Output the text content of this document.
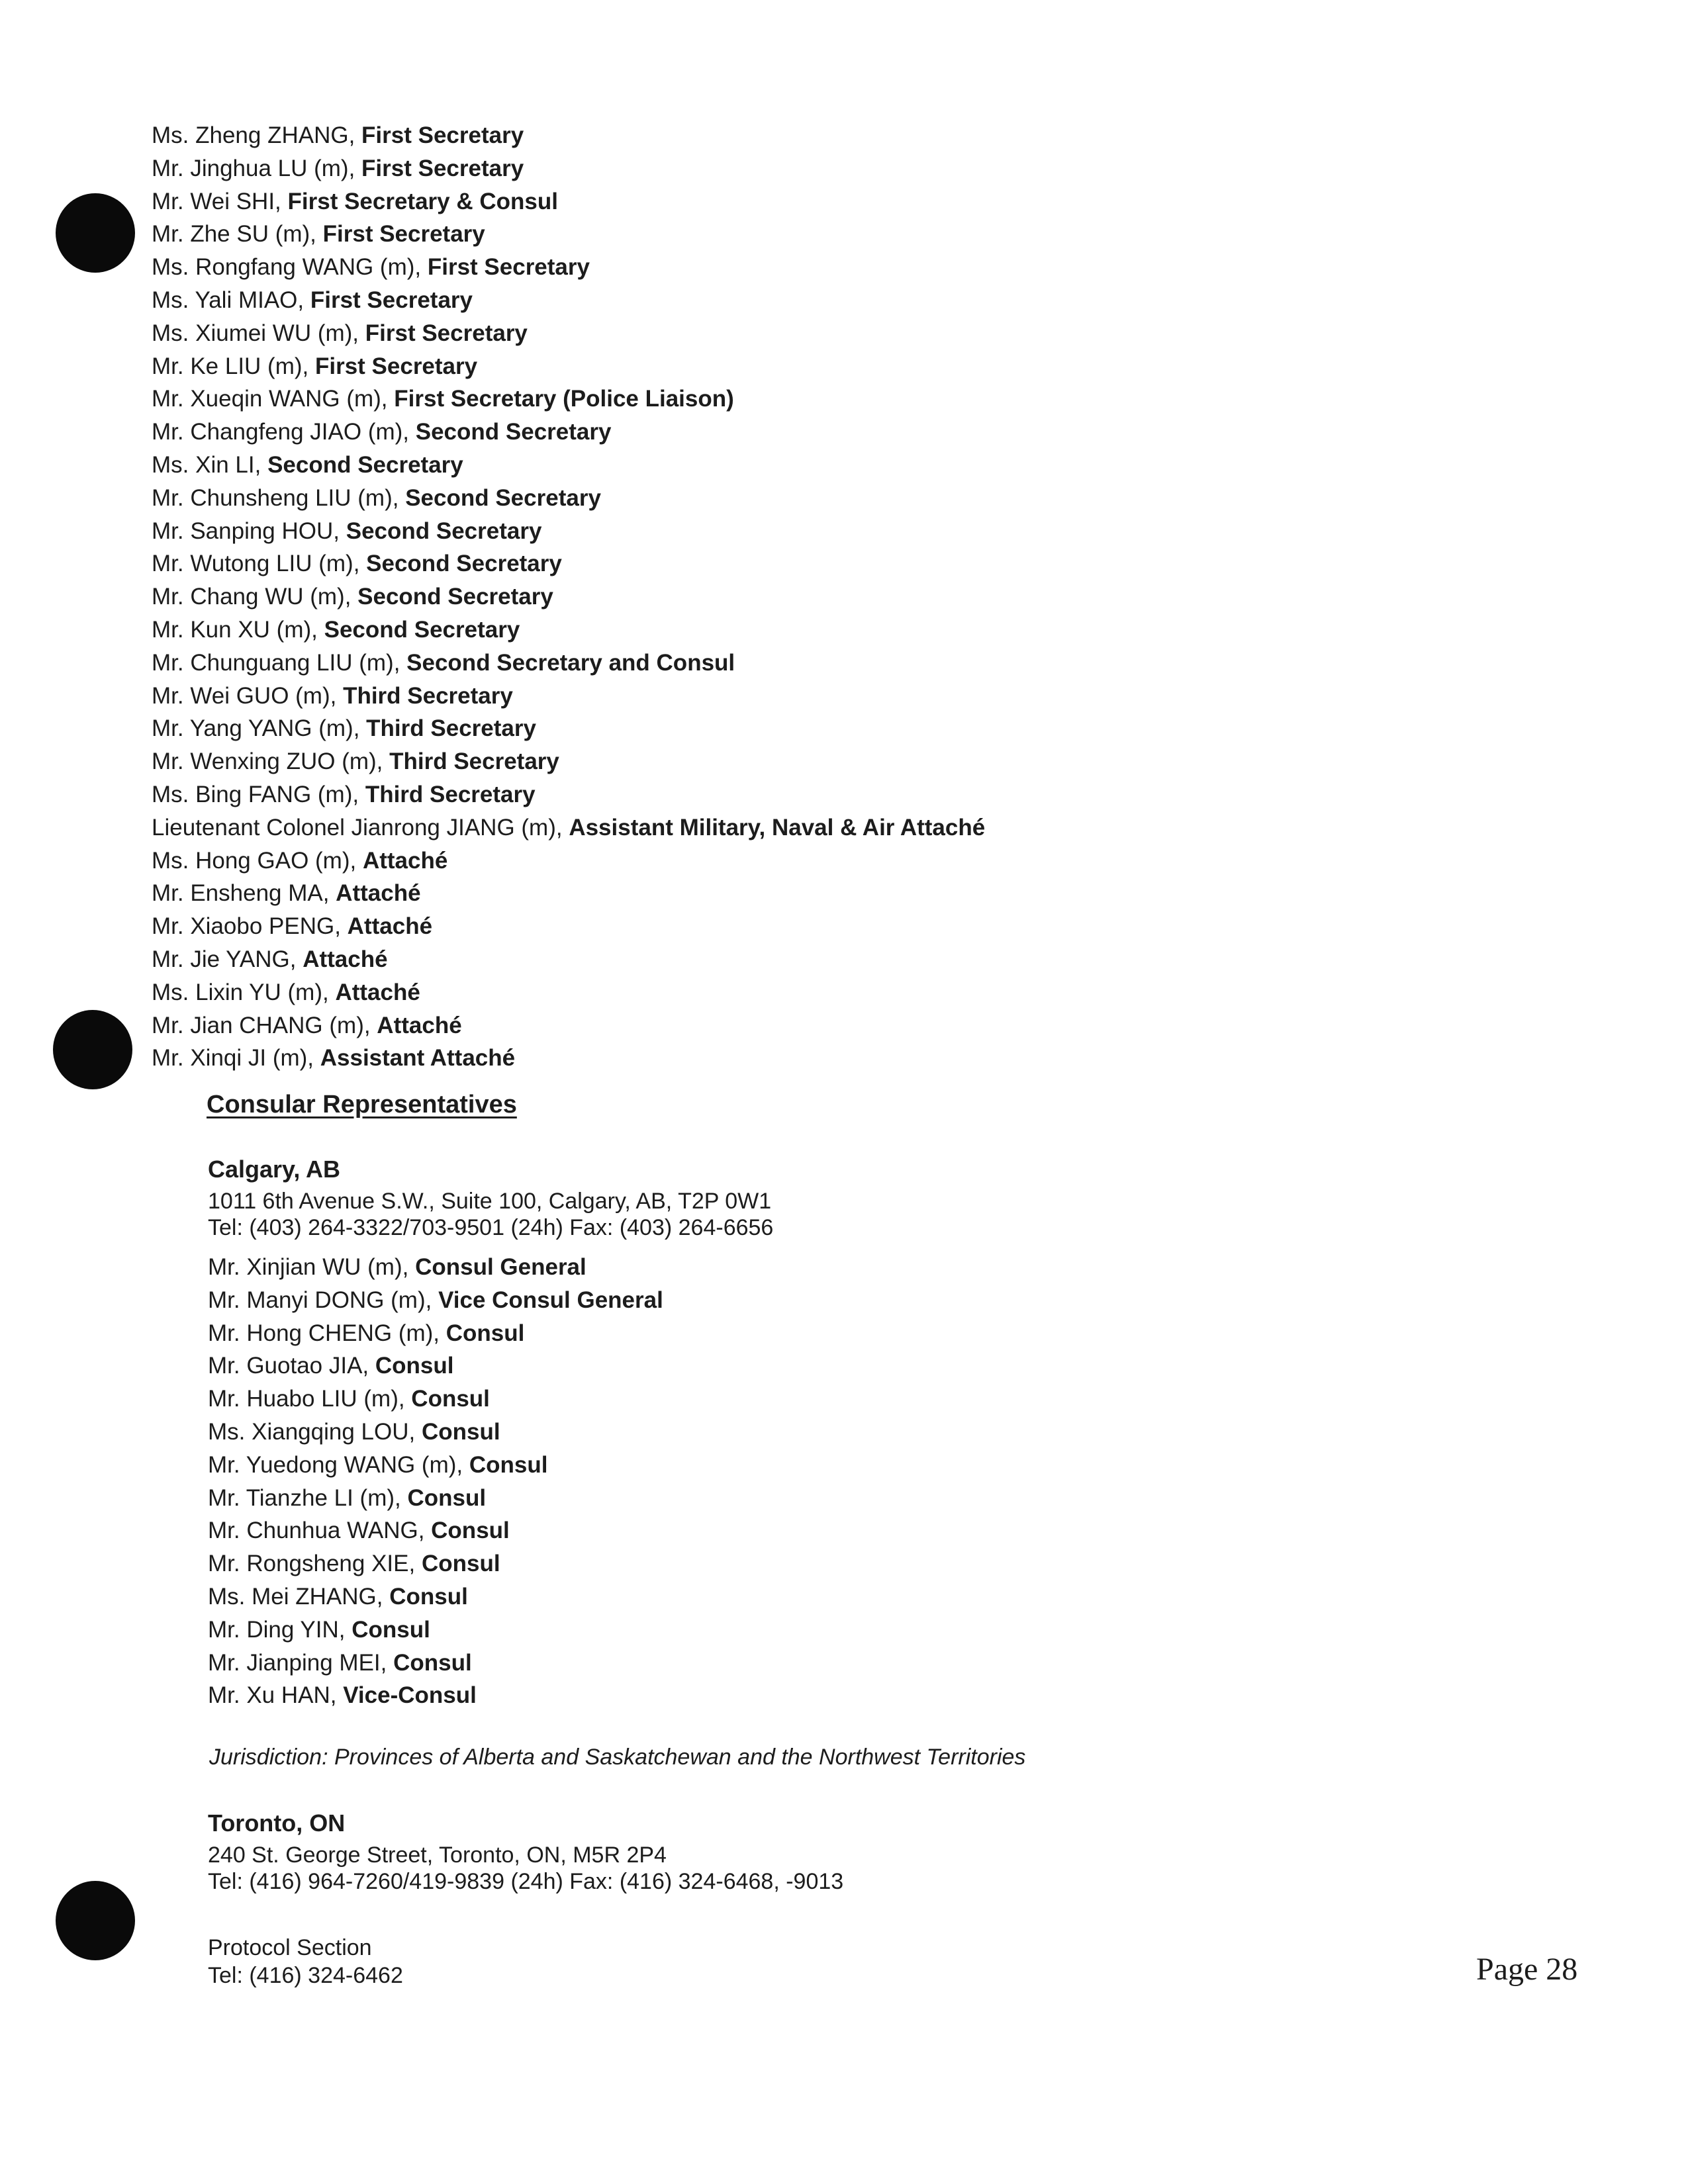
Ms. Zheng ZHANG, First Secretary
Mr. Jinghua LU (m), First Secretary
Mr. Wei SHI, First Secretary & Consul
Mr. Zhe SU (m), First Secretary
Ms. Rongfang WANG (m), First Secretary
Ms. Yali MIAO, First Secretary
Ms. Xiumei WU (m), First Secretary
Mr. Ke LIU (m), First Secretary
Mr. Xueqin WANG (m), First Secretary (Police Liaison)
Mr. Changfeng JIAO (m), Second Secretary
Ms. Xin LI, Second Secretary
Mr. Chunsheng LIU (m), Second Secretary
Mr. Sanping HOU, Second Secretary
Mr. Wutong LIU (m), Second Secretary
Mr. Chang WU (m), Second Secretary
Mr. Kun XU (m), Second Secretary
Mr. Chunguang LIU (m), Second Secretary and Consul
Mr. Wei GUO (m), Third Secretary
Mr. Yang YANG (m), Third Secretary
Mr. Wenxing ZUO (m), Third Secretary
Ms. Bing FANG (m), Third Secretary
Lieutenant Colonel Jianrong JIANG (m), Assistant Military, Naval & Air Attaché
Ms. Hong GAO (m), Attaché
Mr. Ensheng MA, Attaché
Mr. Xiaobo PENG, Attaché
Mr. Jie YANG, Attaché
Ms. Lixin YU (m), Attaché
Mr. Jian CHANG (m), Attaché
Mr. Xinqi JI (m), Assistant Attaché
Consular Representatives
Calgary, AB
1011 6th Avenue S.W., Suite 100, Calgary, AB, T2P 0W1
Tel: (403) 264-3322/703-9501 (24h) Fax: (403) 264-6656
Mr. Xinjian WU (m), Consul General
Mr. Manyi DONG (m), Vice Consul General
Mr. Hong CHENG (m), Consul
Mr. Guotao JIA, Consul
Mr. Huabo LIU (m), Consul
Ms. Xiangqing LOU, Consul
Mr. Yuedong WANG (m), Consul
Mr. Tianzhe LI (m), Consul
Mr. Chunhua WANG, Consul
Mr. Rongsheng XIE, Consul
Ms. Mei ZHANG, Consul
Mr. Ding YIN, Consul
Mr. Jianping MEI, Consul
Mr. Xu HAN, Vice-Consul
Jurisdiction: Provinces of Alberta and Saskatchewan and the Northwest Territories
Toronto, ON
240 St. George Street, Toronto, ON, M5R 2P4
Tel: (416) 964-7260/419-9839 (24h) Fax: (416) 324-6468, -9013
Protocol Section
Tel: (416) 324-6462	Page 28
